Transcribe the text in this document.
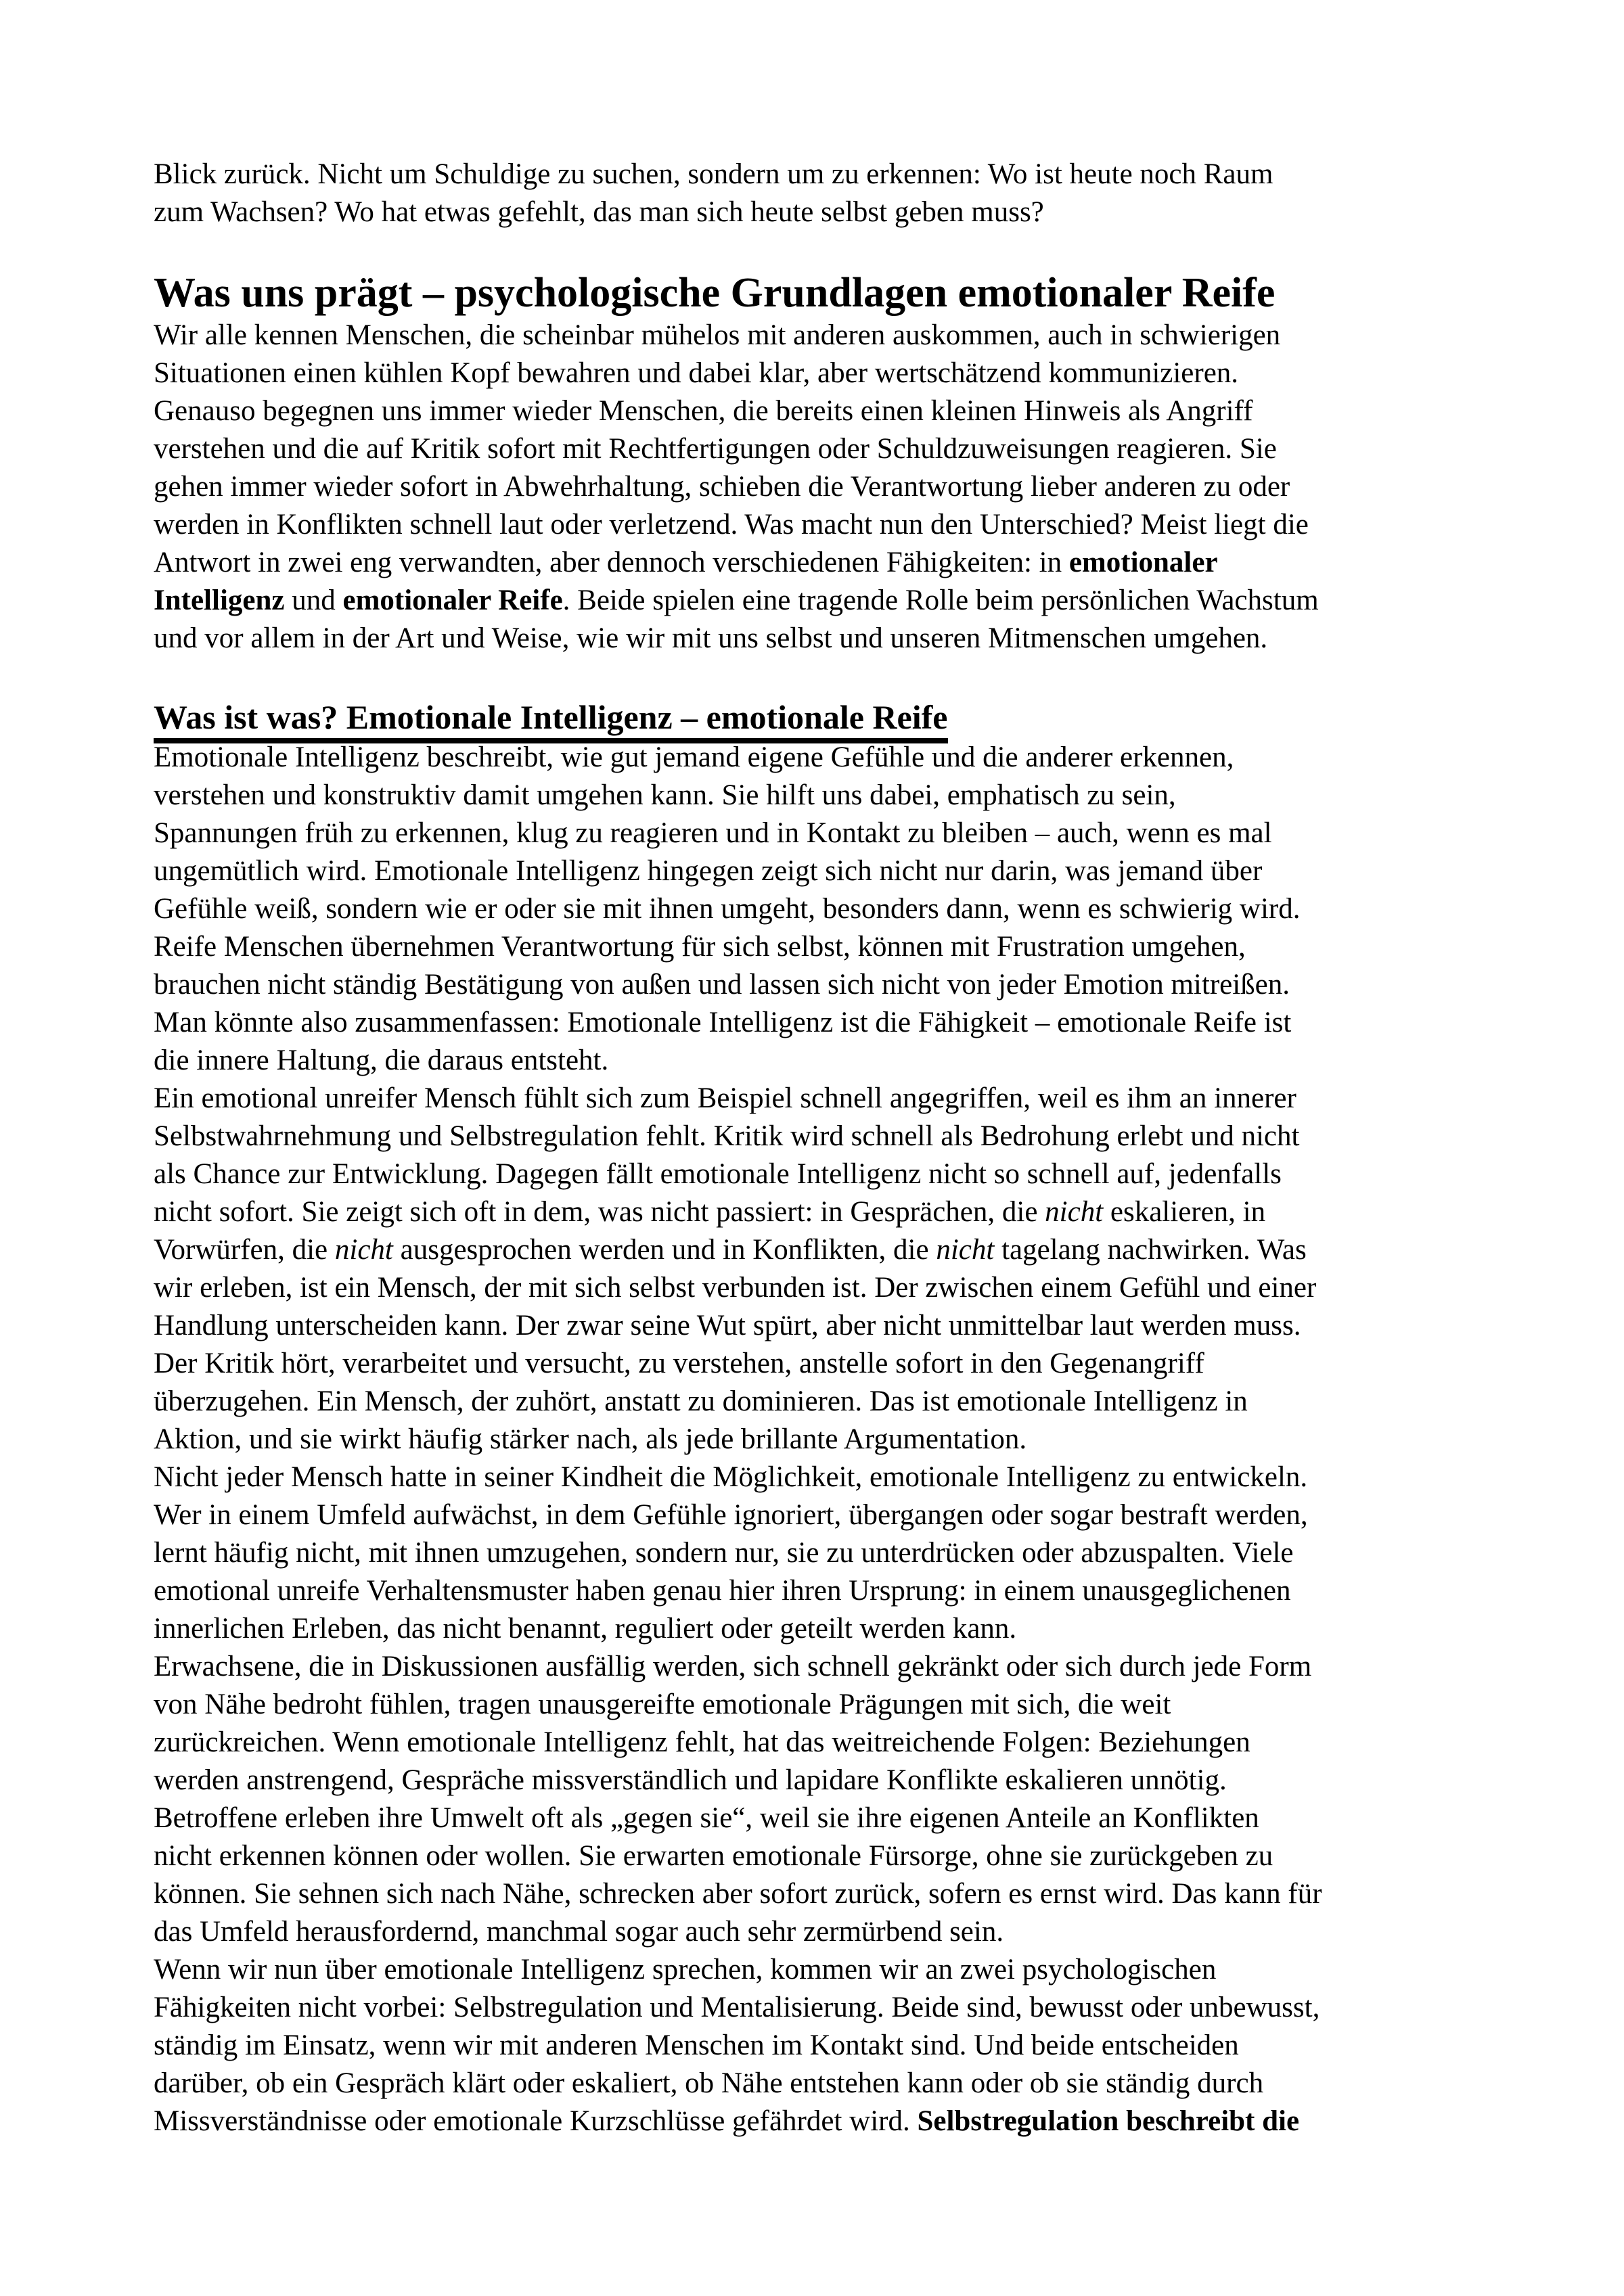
Blick zurück. Nicht um Schuldige zu suchen, sondern um zu erkennen: Wo ist heute noch Raum
zum Wachsen? Wo hat etwas gefehlt, das man sich heute selbst geben muss?
Was uns prägt – psychologische Grundlagen emotionaler Reife
Wir alle kennen Menschen, die scheinbar mühelos mit anderen auskommen, auch in schwierigen
Situationen einen kühlen Kopf bewahren und dabei klar, aber wertschätzend kommunizieren.
Genauso begegnen uns immer wieder Menschen, die bereits einen kleinen Hinweis als Angriff
verstehen und die auf Kritik sofort mit Rechtfertigungen oder Schuldzuweisungen reagieren. Sie
gehen immer wieder sofort in Abwehrhaltung, schieben die Verantwortung lieber anderen zu oder
werden in Konflikten schnell laut oder verletzend. Was macht nun den Unterschied? Meist liegt die
Antwort in zwei eng verwandten, aber dennoch verschiedenen Fähigkeiten: in emotionaler
Intelligenz und emotionaler Reife. Beide spielen eine tragende Rolle beim persönlichen Wachstum
und vor allem in der Art und Weise, wie wir mit uns selbst und unseren Mitmenschen umgehen.
Was ist was? Emotionale Intelligenz – emotionale Reife
Emotionale Intelligenz beschreibt, wie gut jemand eigene Gefühle und die anderer erkennen,
verstehen und konstruktiv damit umgehen kann. Sie hilft uns dabei, emphatisch zu sein,
Spannungen früh zu erkennen, klug zu reagieren und in Kontakt zu bleiben – auch, wenn es mal
ungemütlich wird. Emotionale Intelligenz hingegen zeigt sich nicht nur darin, was jemand über
Gefühle weiß, sondern wie er oder sie mit ihnen umgeht, besonders dann, wenn es schwierig wird.
Reife Menschen übernehmen Verantwortung für sich selbst, können mit Frustration umgehen,
brauchen nicht ständig Bestätigung von außen und lassen sich nicht von jeder Emotion mitreißen.
Man könnte also zusammenfassen: Emotionale Intelligenz ist die Fähigkeit – emotionale Reife ist
die innere Haltung, die daraus entsteht.
Ein emotional unreifer Mensch fühlt sich zum Beispiel schnell angegriffen, weil es ihm an innerer
Selbstwahrnehmung und Selbstregulation fehlt. Kritik wird schnell als Bedrohung erlebt und nicht
als Chance zur Entwicklung. Dagegen fällt emotionale Intelligenz nicht so schnell auf, jedenfalls
nicht sofort. Sie zeigt sich oft in dem, was nicht passiert: in Gesprächen, die nicht eskalieren, in
Vorwürfen, die nicht ausgesprochen werden und in Konflikten, die nicht tagelang nachwirken. Was
wir erleben, ist ein Mensch, der mit sich selbst verbunden ist. Der zwischen einem Gefühl und einer
Handlung unterscheiden kann. Der zwar seine Wut spürt, aber nicht unmittelbar laut werden muss.
Der Kritik hört, verarbeitet und versucht, zu verstehen, anstelle sofort in den Gegenangriff
überzugehen. Ein Mensch, der zuhört, anstatt zu dominieren. Das ist emotionale Intelligenz in
Aktion, und sie wirkt häufig stärker nach, als jede brillante Argumentation.
Nicht jeder Mensch hatte in seiner Kindheit die Möglichkeit, emotionale Intelligenz zu entwickeln.
Wer in einem Umfeld aufwächst, in dem Gefühle ignoriert, übergangen oder sogar bestraft werden,
lernt häufig nicht, mit ihnen umzugehen, sondern nur, sie zu unterdrücken oder abzuspalten. Viele
emotional unreife Verhaltensmuster haben genau hier ihren Ursprung: in einem unausgeglichenen
innerlichen Erleben, das nicht benannt, reguliert oder geteilt werden kann.
Erwachsene, die in Diskussionen ausfällig werden, sich schnell gekränkt oder sich durch jede Form
von Nähe bedroht fühlen, tragen unausgereifte emotionale Prägungen mit sich, die weit
zurückreichen. Wenn emotionale Intelligenz fehlt, hat das weitreichende Folgen: Beziehungen
werden anstrengend, Gespräche missverständlich und lapidare Konflikte eskalieren unnötig.
Betroffene erleben ihre Umwelt oft als „gegen sie“, weil sie ihre eigenen Anteile an Konflikten
nicht erkennen können oder wollen. Sie erwarten emotionale Fürsorge, ohne sie zurückgeben zu
können. Sie sehnen sich nach Nähe, schrecken aber sofort zurück, sofern es ernst wird. Das kann für
das Umfeld herausfordernd, manchmal sogar auch sehr zermürbend sein.
Wenn wir nun über emotionale Intelligenz sprechen, kommen wir an zwei psychologischen
Fähigkeiten nicht vorbei: Selbstregulation und Mentalisierung. Beide sind, bewusst oder unbewusst,
ständig im Einsatz, wenn wir mit anderen Menschen im Kontakt sind. Und beide entscheiden
darüber, ob ein Gespräch klärt oder eskaliert, ob Nähe entstehen kann oder ob sie ständig durch
Missverständnisse oder emotionale Kurzschlüsse gefährdet wird. Selbstregulation beschreibt die
